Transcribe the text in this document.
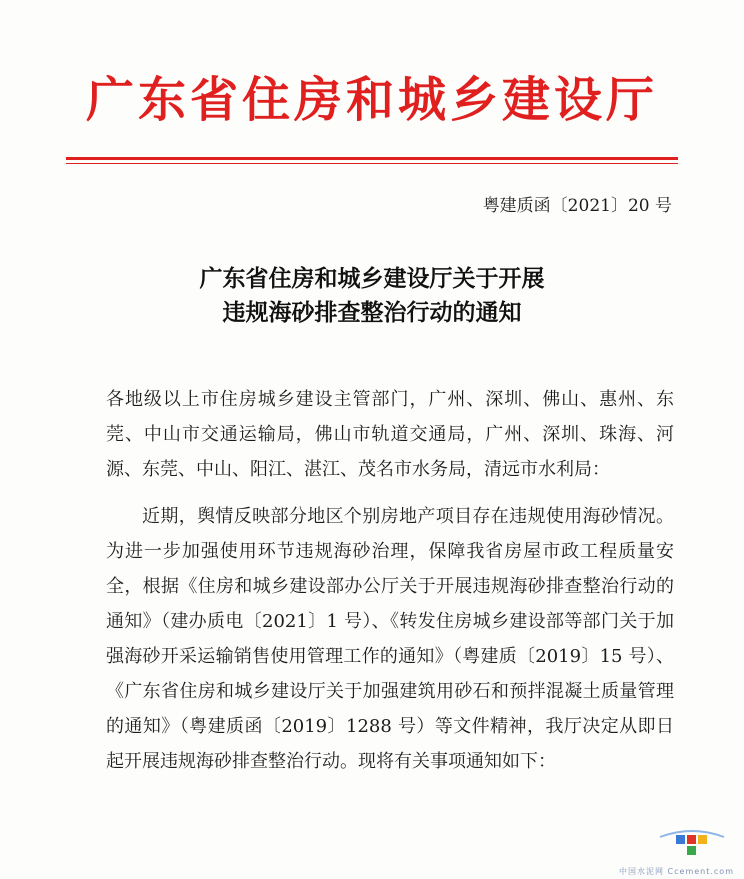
广东省住房和城乡建设厅
粤建质函〔2021〕20 号
广东省住房和城乡建设厅关于开展
违规海砂排查整治行动的通知

各地级以上市住房城乡建设主管部门，广州、深圳、佛山、惠州、东莞、中山市交通运输局，佛山市轨道交通局，广州、深圳、珠海、河源、东莞、中山、阳江、湛江、茂名市水务局，清远市水利局：

近期，舆情反映部分地区个别房地产项目存在违规使用海砂情况。为进一步加强使用环节违规海砂治理，保障我省房屋市政工程质量安全，根据《住房和城乡建设部办公厅关于开展违规海砂排查整治行动的通知》（建办质电〔2021〕1 号）、《转发住房城乡建设部等部门关于加强海砂开采运输销售使用管理工作的通知》（粤建质〔2019〕15 号）、《广东省住房和城乡建设厅关于加强建筑用砂石和预拌混凝土质量管理的通知》（粤建质函〔2019〕1288 号）等文件精神，我厅决定从即日起开展违规海砂排查整治行动。现将有关事项通知如下：

中国水泥网 Ccement.com
